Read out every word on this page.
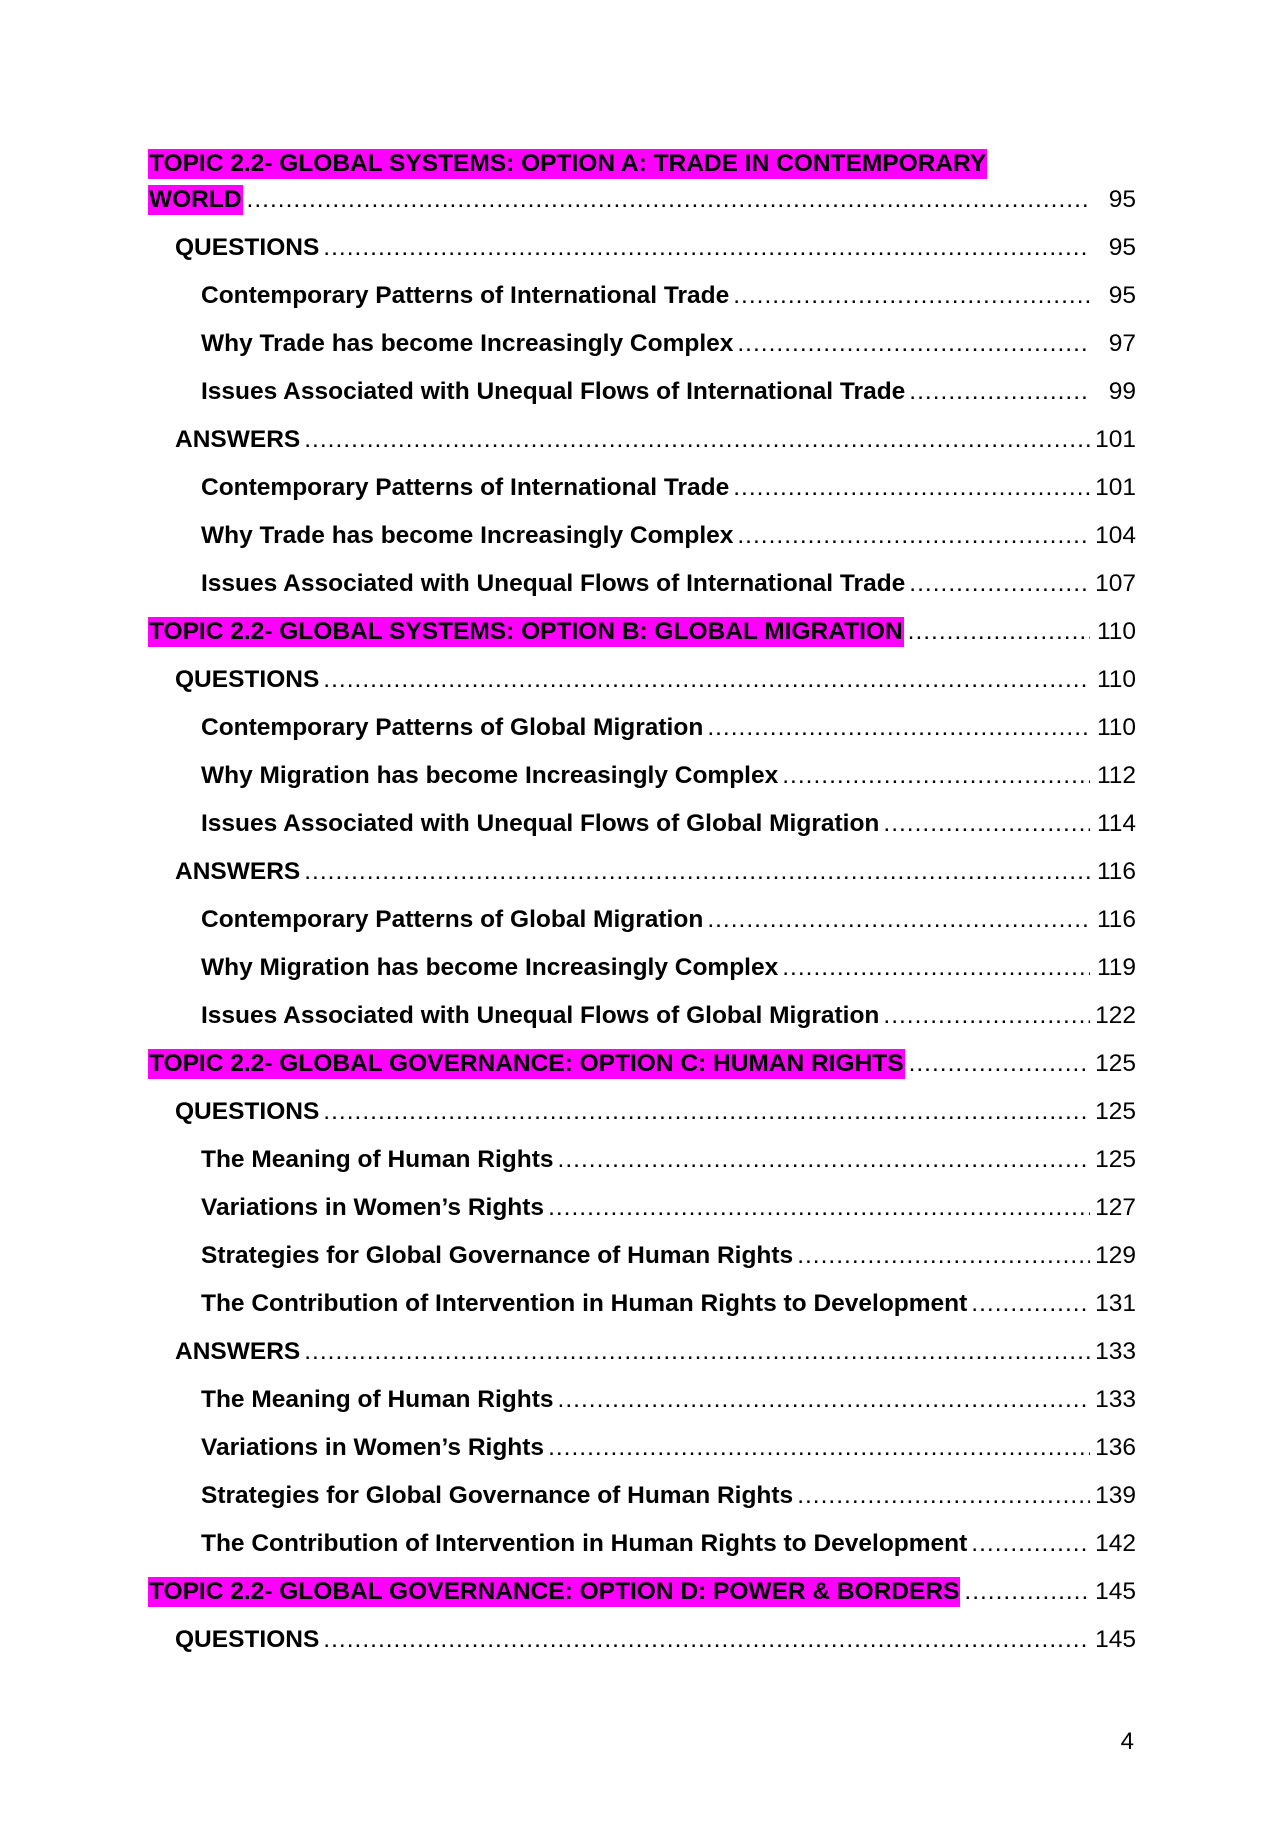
TOPIC 2.2- GLOBAL SYSTEMS: OPTION A: TRADE IN CONTEMPORARY
WORLD .....	95
QUESTIONS .....	95
Contemporary Patterns of International Trade .....	95
Why Trade has become Increasingly Complex .....	97
Issues Associated with Unequal Flows of International Trade .....	99
ANSWERS .....	101
Contemporary Patterns of International Trade .....	101
Why Trade has become Increasingly Complex .....	104
Issues Associated with Unequal Flows of International Trade .....	107
TOPIC 2.2- GLOBAL SYSTEMS: OPTION B: GLOBAL MIGRATION .....	110
QUESTIONS .....	110
Contemporary Patterns of Global Migration .....	110
Why Migration has become Increasingly Complex .....	112
Issues Associated with Unequal Flows of Global Migration .....	114
ANSWERS .....	116
Contemporary Patterns of Global Migration .....	116
Why Migration has become Increasingly Complex .....	119
Issues Associated with Unequal Flows of Global Migration .....	122
TOPIC 2.2- GLOBAL GOVERNANCE: OPTION C: HUMAN RIGHTS .....	125
QUESTIONS .....	125
The Meaning of Human Rights .....	125
Variations in Women’s Rights .....	127
Strategies for Global Governance of Human Rights .....	129
The Contribution of Intervention in Human Rights to Development .....	131
ANSWERS .....	133
The Meaning of Human Rights .....	133
Variations in Women’s Rights .....	136
Strategies for Global Governance of Human Rights .....	139
The Contribution of Intervention in Human Rights to Development .....	142
TOPIC 2.2- GLOBAL GOVERNANCE: OPTION D: POWER & BORDERS .....	145
QUESTIONS .....	145
4
